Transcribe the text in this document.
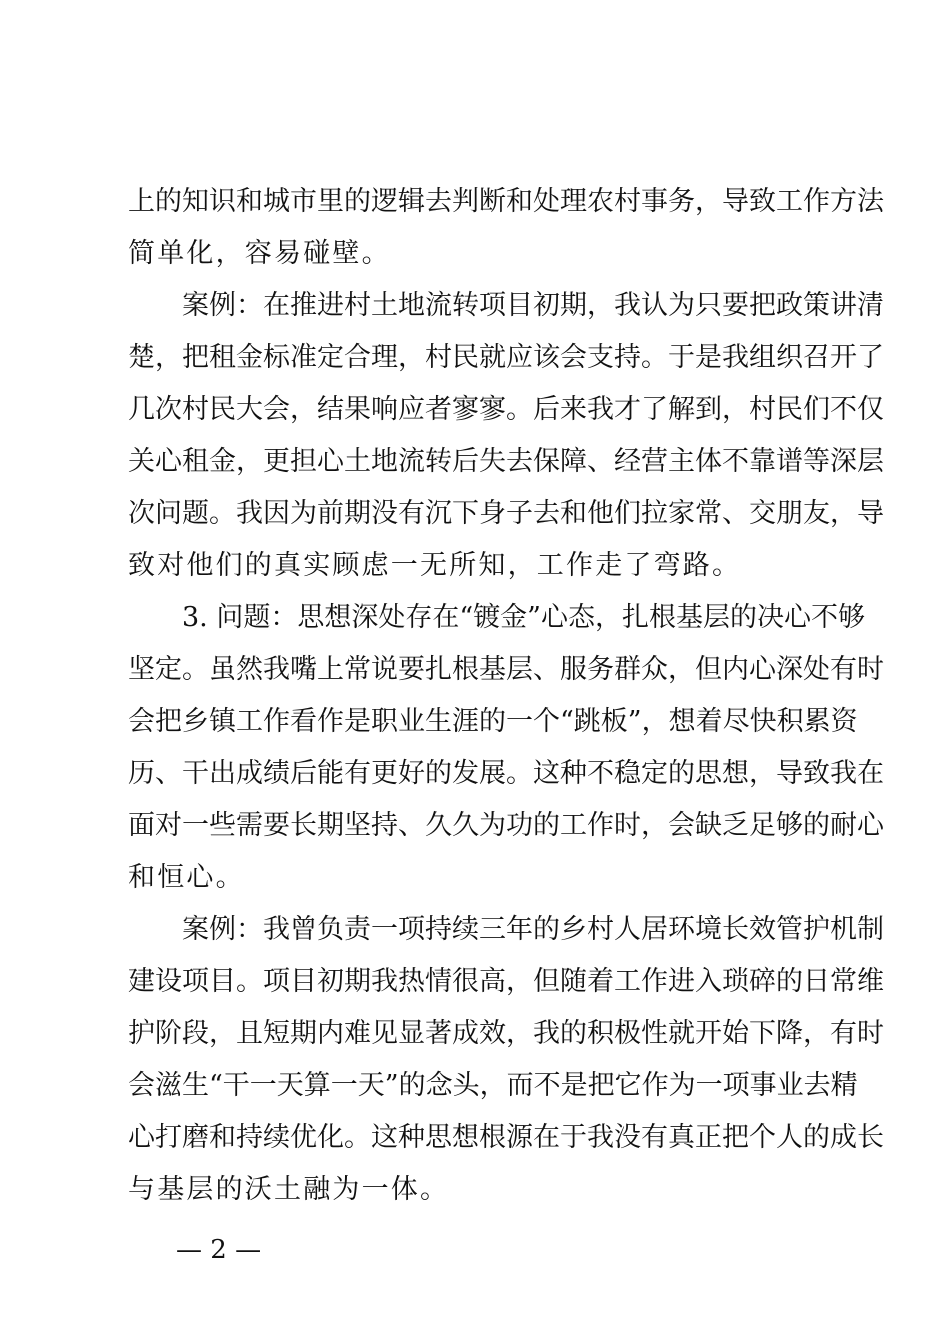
上的知识和城市里的逻辑去判断和处理农村事务，导致工作方法
简单化，容易碰壁。
案例：在推进村土地流转项目初期，我认为只要把政策讲清
楚，把租金标准定合理，村民就应该会支持。于是我组织召开了
几次村民大会，结果响应者寥寥。后来我才了解到，村民们不仅
关心租金，更担心土地流转后失去保障、经营主体不靠谱等深层
次问题。我因为前期没有沉下身子去和他们拉家常、交朋友，导
致对他们的真实顾虑一无所知，工作走了弯路。
3. 问题：思想深处存在“镀金”心态，扎根基层的决心不够
坚定。虽然我嘴上常说要扎根基层、服务群众，但内心深处有时
会把乡镇工作看作是职业生涯的一个“跳板”，想着尽快积累资
历、干出成绩后能有更好的发展。这种不稳定的思想，导致我在
面对一些需要长期坚持、久久为功的工作时，会缺乏足够的耐心
和恒心。
案例：我曾负责一项持续三年的乡村人居环境长效管护机制
建设项目。项目初期我热情很高，但随着工作进入琐碎的日常维
护阶段，且短期内难见显著成效，我的积极性就开始下降，有时
会滋生“干一天算一天”的念头，而不是把它作为一项事业去精
心打磨和持续优化。这种思想根源在于我没有真正把个人的成长
与基层的沃土融为一体。
— 2 —
